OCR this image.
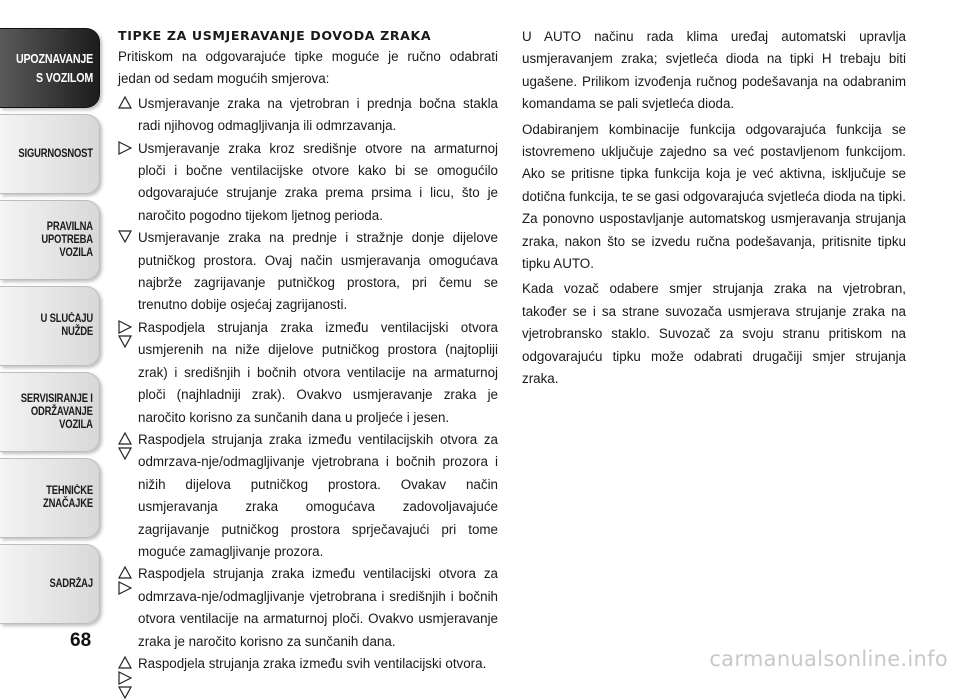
UPOZNAVANJE
S VOZILOM
SIGURNOSNOST
PRAVILNA
UPOTREBA
VOZILA
U SLUČAJU
NUŽDE
SERVISIRANJE I
ODRŽAVANJE
VOZILA
TEHNIČKE
ZNAČAJKE
SADRŽAJ
68

TIPKE ZA USMJERAVANJE DOVODA ZRAKA

Pritiskom na odgovarajuće tipke moguće je ručno odabrati jedan od sedam mogućih smjerova:

Usmjeravanje zraka na vjetrobran i prednja bočna stakla radi njihovog odmagljivanja ili odmrzavanja.

Usmjeravanje zraka kroz središnje otvore na armaturnoj ploči i bočne ventilacijske otvore kako bi se omogućilo odgovarajuće strujanje zraka prema prsima i licu, što je naročito pogodno tijekom ljetnog perioda.

Usmjeravanje zraka na prednje i stražnje donje dijelove putničkog prostora. Ovaj način usmjeravanja omogućava najbrže zagrijavanje putničkog prostora, pri čemu se trenutno dobije osjećaj zagrijanosti.

Raspodjela strujanja zraka između ventilacijski otvora usmjerenih na niže dijelove putničkog prostora (najtopliji zrak) i središnjih i bočnih otvora ventilacije na armaturnoj ploči (najhladniji zrak). Ovakvo usmjeravanje zraka je naročito korisno za sunčanih dana u proljeće i jesen.

Raspodjela strujanja zraka između ventilacijskih otvora za odmrzava-nje/odmagljivanje vjetrobrana i bočnih prozora i nižih dijelova putničkog prostora. Ovakav način usmjeravanja zraka omogućava zadovoljavajuće zagrijavanje putničkog prostora sprječavajući pri tome moguće zamagljivanje prozora.

Raspodjela strujanja zraka između ventilacijski otvora za odmrzava-nje/odmagljivanje vjetrobrana i središnjih i bočnih otvora ventilacije na armaturnoj ploči. Ovakvo usmjeravanje zraka je naročito korisno za sunčanih dana.

Raspodjela strujanja zraka između svih ventilacijski otvora.

U AUTO načinu rada klima uređaj automatski upravlja usmjeravanjem zraka; svjetleća dioda na tipki H trebaju biti ugašene. Prilikom izvođenja ručnog podešavanja na odabranim komandama se pali svjetleća dioda.

Odabiranjem kombinacije funkcija odgovarajuća funkcija se istovremeno uključuje zajedno sa već postavljenom funkcijom. Ako se pritisne tipka funkcija koja je već aktivna, isključuje se dotična funkcija, te se gasi odgovarajuća svjetleća dioda na tipki. Za ponovno uspostavljanje automatskog usmjeravanja strujanja zraka, nakon što se izvedu ručna podešavanja, pritisnite tipku tipku AUTO.

Kada vozač odabere smjer strujanja zraka na vjetrobran, također se i sa strane suvozača usmjerava strujanje zraka na vjetrobransko staklo. Suvozač za svoju stranu pritiskom na odgovarajuću tipku može odabrati drugačiji smjer strujanja zraka.

carmanualsonline.info
